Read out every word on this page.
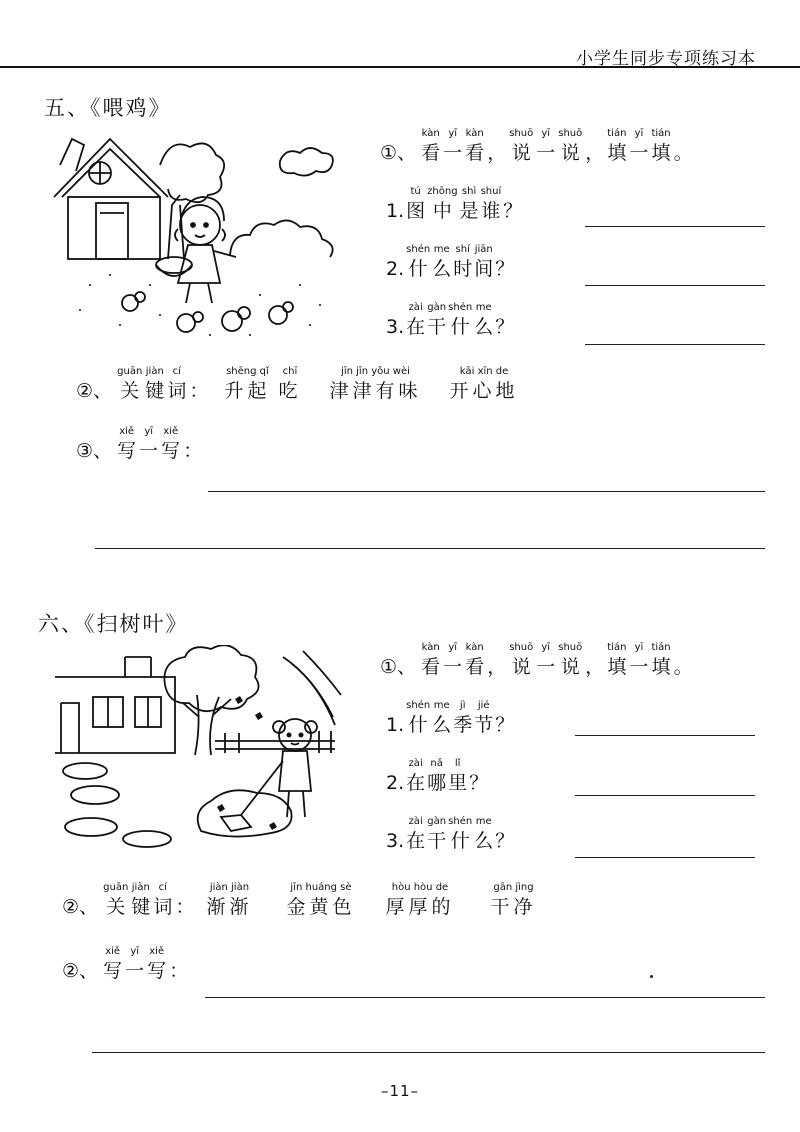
小学生同步专项练习本
五、《喂鸡》
①、

kàn
看
yī
一
kàn
看 ，
shuō
说
yī
一
shuō
说 ，
tián
填
yī
一
tián
填 。
1.
tú
图
zhōng
中
shì
是
shuí
谁 ？
2.
shén
什
me
么
shí
时
jiān
间 ？
3.
zài
在
gàn
干
shén
什
me
么 ？
②、

guān
关
jiàn
键
cí
词 ：

shēng qǐ
升起
chī
吃
jīn jīn yǒu wèi
津津有味
kāi xīn de
开心地
③、

xiě
写
yī
一
xiě
写 ：
六、《扫树叶》
①、

kàn
看
yī
一
kàn
看 ，
shuō
说
yī
一
shuō
说 ，
tián
填
yī
一
tián
填 。
1.
shén
什
me
么
jì
季
jié
节 ？
2.
zài
在
nǎ
哪
lǐ
里 ？
3.
zài
在
gàn
干
shén
什
me
么 ？
②、

guān
关
jiàn
键
cí
词 ：

jiàn jiàn
渐渐
jīn huáng sè
金黄色
hòu hòu de
厚厚的
gān jìng
干净
②、

xiě
写
yī
一
xiě
写 ：
–11–
